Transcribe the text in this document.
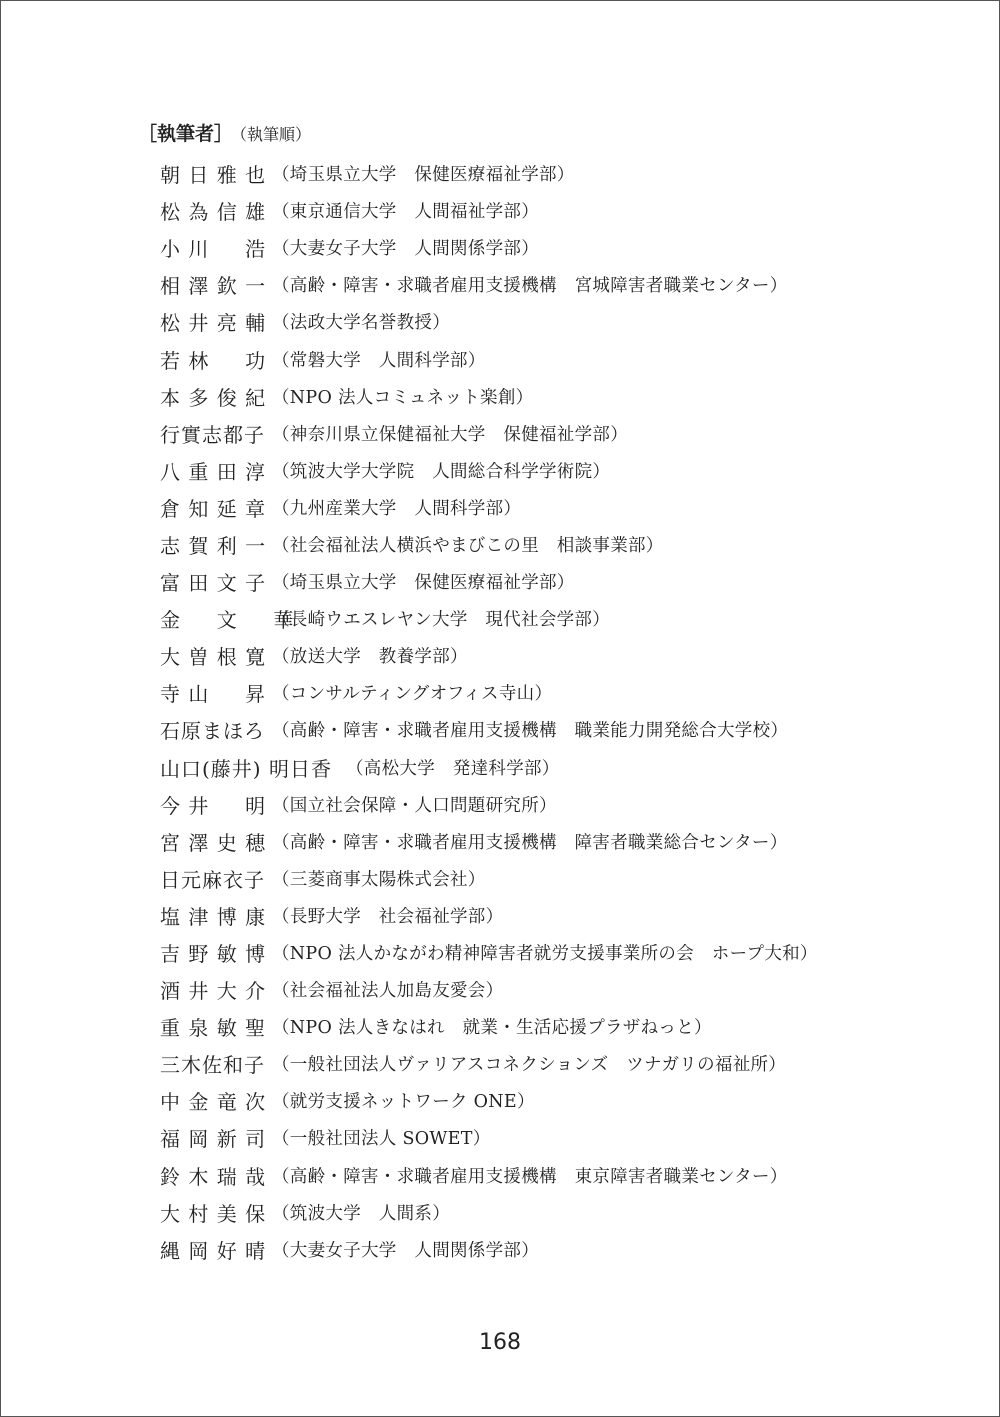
［執筆者］ （執筆順）
朝 日 雅 也 （埼玉県立大学　保健医療福祉学部）
松 為 信 雄 （東京通信大学　人間福祉学部）
小 川 　 浩 （大妻女子大学　人間関係学部）
相 澤 欽 一 （高齢・障害・求職者雇用支援機構　宮城障害者職業センター）
松 井 亮 輔 （法政大学名誉教授）
若 林 　 功 （常磐大学　人間科学部）
本 多 俊 紀 （NPO 法人コミュネット楽創）
行實志都子 （神奈川県立保健福祉大学　保健福祉学部）
八 重 田 淳 （筑波大学大学院　人間総合科学学術院）
倉 知 延 章 （九州産業大学　人間科学部）
志 賀 利 一 （社会福祉法人横浜やまびこの里　相談事業部）
富 田 文 子 （埼玉県立大学　保健医療福祉学部）
金 　 文 　 華
（長崎ウエスレヤン大学　現代社会学部）
大 曽 根 寛 （放送大学　教養学部）
寺 山 　 昇 （コンサルティングオフィス寺山）
石原まほろ （高齢・障害・求職者雇用支援機構　職業能力開発総合大学校）
山口(藤井) 明日香 （高松大学　発達科学部）
今 井 　 明 （国立社会保障・人口問題研究所）
宮 澤 史 穂 （高齢・障害・求職者雇用支援機構　障害者職業総合センター）
日元麻衣子 （三菱商事太陽株式会社）
塩 津 博 康 （長野大学　社会福祉学部）
吉 野 敏 博 （NPO 法人かながわ精神障害者就労支援事業所の会　ホープ大和）
酒 井 大 介 （社会福祉法人加島友愛会）
重 泉 敏 聖 （NPO 法人きなはれ　就業・生活応援プラザねっと）
三木佐和子 （一般社団法人ヴァリアスコネクションズ　ツナガリの福祉所）
中 金 竜 次 （就労支援ネットワーク ONE）
福 岡 新 司 （一般社団法人 SOWET）
鈴 木 瑞 哉 （高齢・障害・求職者雇用支援機構　東京障害者職業センター）
大 村 美 保 （筑波大学　人間系）
縄 岡 好 晴 （大妻女子大学　人間関係学部）
168
